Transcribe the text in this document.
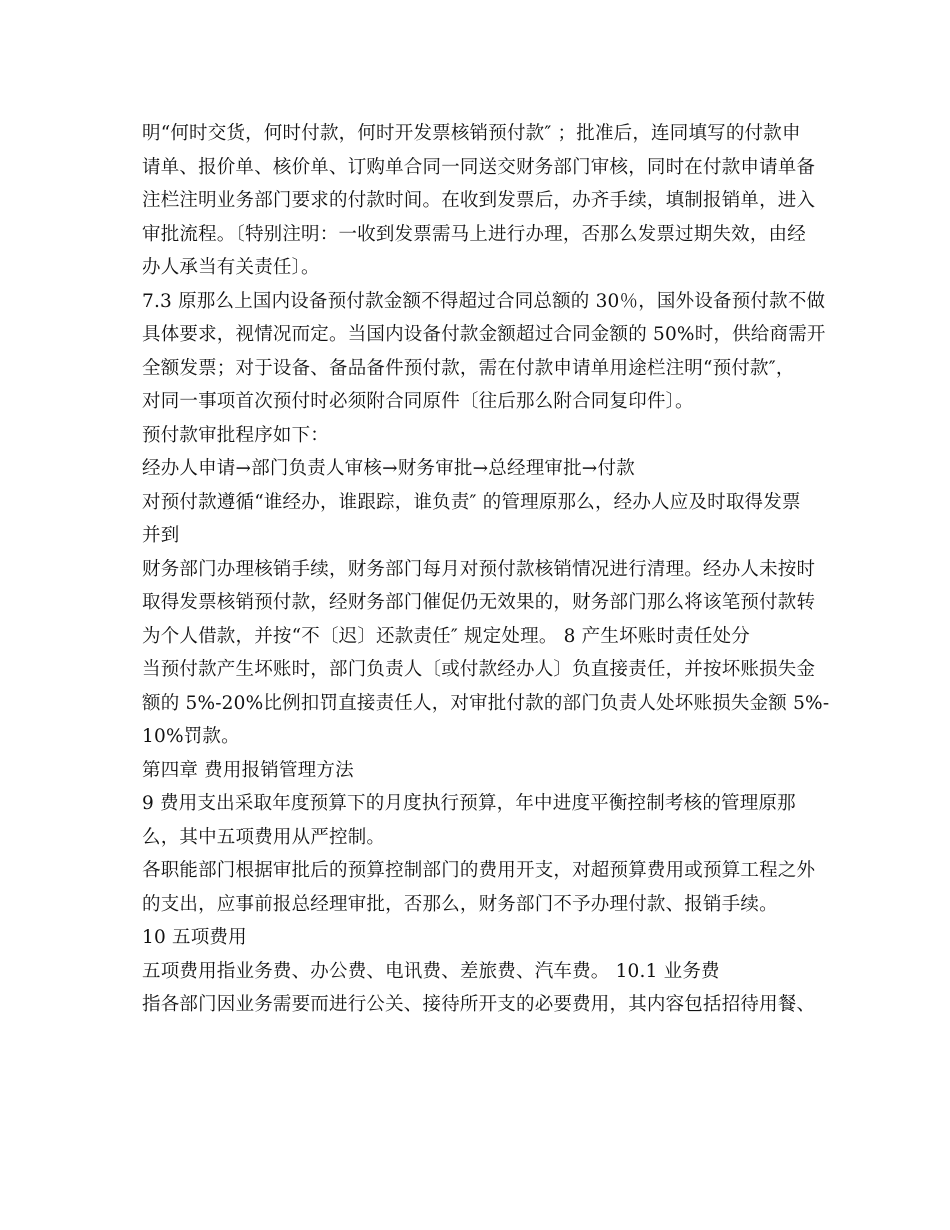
明“何时交货，何时付款，何时开发票核销预付款″ ；批准后，连同填写的付款申
请单、报价单、核价单、订购单合同一同送交财务部门审核，同时在付款申请单备
注栏注明业务部门要求的付款时间。在收到发票后，办齐手续，填制报销单，进入
审批流程。〔特别注明：一收到发票需马上进行办理，否那么发票过期失效，由经
办人承当有关责任〕。
7.3 原那么上国内设备预付款金额不得超过合同总额的 30％，国外设备预付款不做
具体要求，视情况而定。当国内设备付款金额超过合同金额的 50%时，供给商需开
全额发票；对于设备、备品备件预付款，需在付款申请单用途栏注明“预付款″，
对同一事项首次预付时必须附合同原件〔往后那么附合同复印件〕。
预付款审批程序如下：
经办人申请→部门负责人审核→财务审批→总经理审批→付款
对预付款遵循“谁经办，谁跟踪，谁负责″ 的管理原那么，经办人应及时取得发票
并到
财务部门办理核销手续，财务部门每月对预付款核销情况进行清理。经办人未按时
取得发票核销预付款，经财务部门催促仍无效果的，财务部门那么将该笔预付款转
为个人借款，并按“不〔迟〕还款责任″ 规定处理。 8 产生坏账时责任处分
当预付款产生坏账时，部门负责人〔或付款经办人〕负直接责任，并按坏账损失金
额的 5%-20%比例扣罚直接责任人，对审批付款的部门负责人处坏账损失金额 5%-
10%罚款。
第四章 费用报销管理方法
9 费用支出采取年度预算下的月度执行预算，年中进度平衡控制考核的管理原那
么，其中五项费用从严控制。
各职能部门根据审批后的预算控制部门的费用开支，对超预算费用或预算工程之外
的支出，应事前报总经理审批，否那么，财务部门不予办理付款、报销手续。
10 五项费用
五项费用指业务费、办公费、电讯费、差旅费、汽车费。 10.1 业务费
指各部门因业务需要而进行公关、接待所开支的必要费用，其内容包括招待用餐、
